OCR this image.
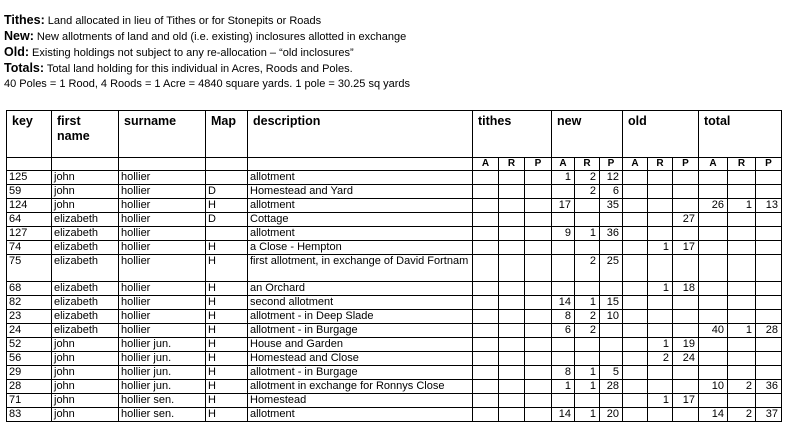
Tithes: Land allocated in lieu of Tithes or for Stonepits or Roads
New: New allotments of land and old (i.e. existing) inclosures allotted in exchange
Old: Existing holdings not subject to any re-allocation – “old inclosures”
Totals: Total land holding for this individual in Acres, Roods and Poles.
40 Poles = 1 Rood, 4 Roods = 1 Acre = 4840 square yards. 1 pole = 30.25 sq yards
key	first name	surname	Map	description	tithes			new			old			total		
					A	R	P	A	R	P	A	R	P	A	R	P
125	john	hollier		allotment				1	2	12						
59	john	hollier	D	Homestead and Yard					2	6						
124	john	hollier	H	allotment				17		35				26	1	13
64	elizabeth	hollier	D	Cottage									27			
127	elizabeth	hollier		allotment				9	1	36						
74	elizabeth	hollier	H	a Close - Hempton								1	17			
75	elizabeth	hollier	H	first allotment, in exchange of David Fortnam					2	25						
68	elizabeth	hollier	H	an Orchard								1	18			
82	elizabeth	hollier	H	second allotment				14	1	15						
23	elizabeth	hollier	H	allotment - in Deep Slade				8	2	10						
24	elizabeth	hollier	H	allotment - in Burgage				6	2					40	1	28
52	john	hollier jun.	H	House and Garden								1	19			
56	john	hollier jun.	H	Homestead and Close								2	24			
29	john	hollier jun.	H	allotment - in Burgage				8	1	5						
28	john	hollier jun.	H	allotment in exchange for Ronnys Close				1	1	28				10	2	36
71	john	hollier sen.	H	Homestead								1	17			
83	john	hollier sen.	H	allotment				14	1	20				14	2	37
